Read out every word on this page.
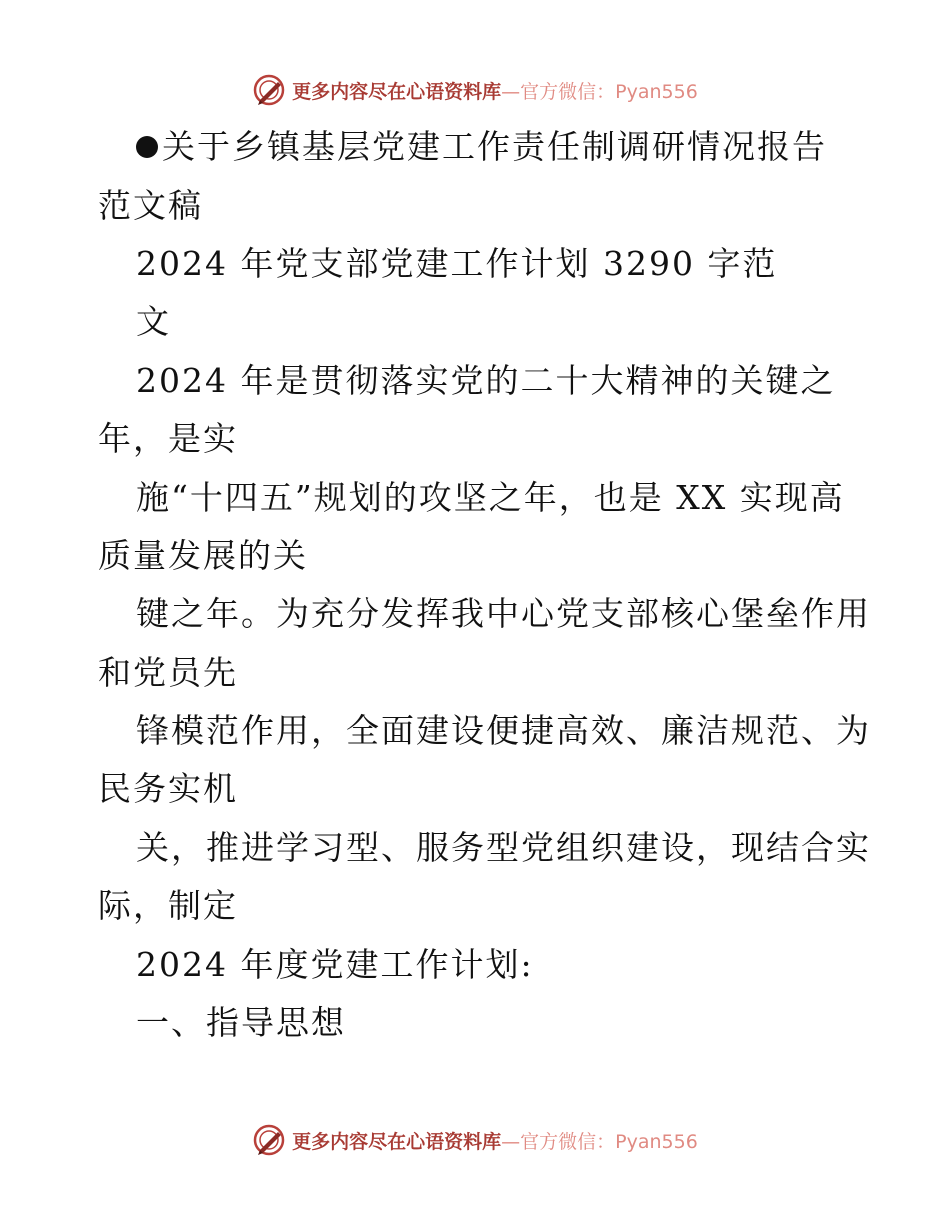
更多内容尽在心语资料库—官方微信：Pyan556
关于乡镇基层党建工作责任制调研情况报告
范文稿
2024 年党支部党建工作计划 3290 字范
文
2024 年是贯彻落实党的二十大精神的关键之
年，是实
施“十四五”规划的攻坚之年，也是 XX 实现高
质量发展的关
键之年。为充分发挥我中心党支部核心堡垒作用
和党员先
锋模范作用，全面建设便捷高效、廉洁规范、为
民务实机
关，推进学习型、服务型党组织建设，现结合实
际，制定
2024 年度党建工作计划:
一、指导思想
更多内容尽在心语资料库—官方微信：Pyan556
